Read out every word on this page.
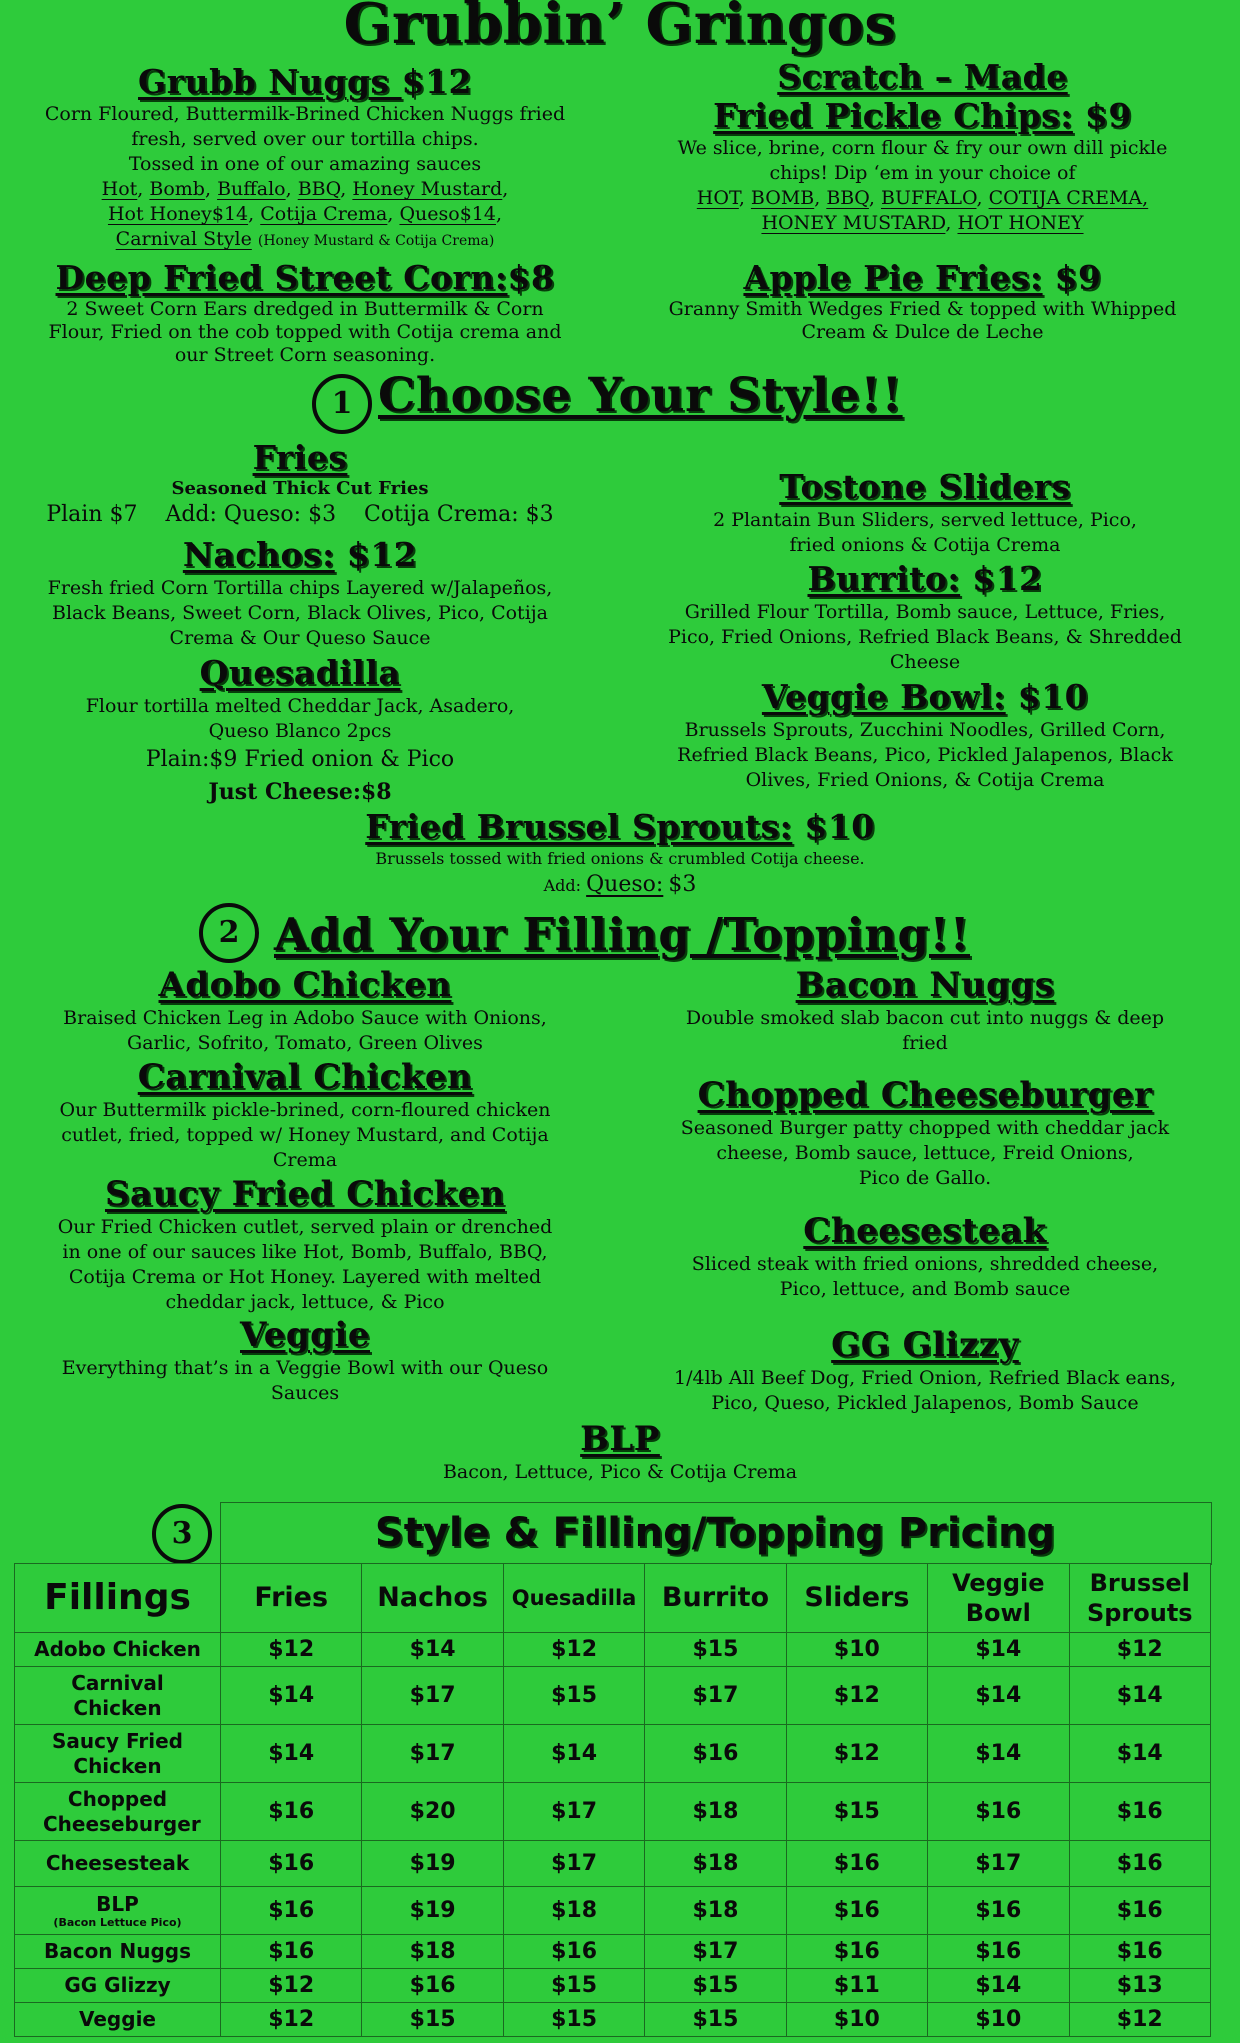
Grubbin’ Gringos
Grubb Nuggs $12
Corn Floured, Buttermilk-Brined Chicken Nuggs fried
fresh, served over our tortilla chips.
Tossed in one of our amazing sauces
Hot, Bomb, Buffalo, BBQ, Honey Mustard,
Hot Honey$14, Cotija Crema, Queso$14,
Carnival Style (Honey Mustard & Cotija Crema)
Deep Fried Street Corn:$8
2 Sweet Corn Ears dredged in Buttermilk & Corn
Flour, Fried on the cob topped with Cotija crema and
our Street Corn seasoning.
Scratch – Made
Fried Pickle Chips: $9
We slice, brine, corn flour & fry our own dill pickle
chips! Dip ‘em in your choice of
HOT, BOMB, BBQ, BUFFALO, COTIJA CREMA,
HONEY MUSTARD, HOT HONEY
Apple Pie Fries: $9
Granny Smith Wedges Fried & topped with Whipped
Cream & Dulce de Leche
1 Choose Your Style!!
Fries
Seasoned Thick Cut Fries
Plain $7    Add: Queso: $3    Cotija Crema: $3
Nachos: $12
Fresh fried Corn Tortilla chips Layered w/Jalapeños,
Black Beans, Sweet Corn, Black Olives, Pico, Cotija
Crema & Our Queso Sauce
Quesadilla
Flour tortilla melted Cheddar Jack, Asadero,
Queso Blanco 2pcs
Plain:$9 Fried onion & Pico
Just Cheese:$8
Tostone Sliders
2 Plantain Bun Sliders, served lettuce, Pico,
fried onions & Cotija Crema
Burrito: $12
Grilled Flour Tortilla, Bomb sauce, Lettuce, Fries,
Pico, Fried Onions, Refried Black Beans, & Shredded
Cheese
Veggie Bowl: $10
Brussels Sprouts, Zucchini Noodles, Grilled Corn,
Refried Black Beans, Pico, Pickled Jalapenos, Black
Olives, Fried Onions, & Cotija Crema
Fried Brussel Sprouts: $10
Brussels tossed with fried onions & crumbled Cotija cheese.
Add: Queso: $3
2 Add Your Filling /Topping!!
Adobo Chicken
Braised Chicken Leg in Adobo Sauce with Onions,
Garlic, Sofrito, Tomato, Green Olives
Carnival Chicken
Our Buttermilk pickle-brined, corn-floured chicken
cutlet, fried, topped w/ Honey Mustard, and Cotija
Crema
Saucy Fried Chicken
Our Fried Chicken cutlet, served plain or drenched
in one of our sauces like Hot, Bomb, Buffalo, BBQ,
Cotija Crema or Hot Honey. Layered with melted
cheddar jack, lettuce, & Pico
Veggie
Everything that’s in a Veggie Bowl with our Queso
Sauces
Bacon Nuggs
Double smoked slab bacon cut into nuggs & deep
fried
Chopped Cheeseburger
Seasoned Burger patty chopped with cheddar jack
cheese, Bomb sauce, lettuce, Freid Onions,
Pico de Gallo.
Cheesesteak
Sliced steak with fried onions, shredded cheese,
Pico, lettuce, and Bomb sauce
GG Glizzy
1/4lb All Beef Dog, Fried Onion, Refried Black eans,
Pico, Queso, Pickled Jalapenos, Bomb Sauce
BLP
Bacon, Lettuce, Pico & Cotija Crema
3	Style & Filling/Topping Pricing
Fillings	Fries	Nachos	Quesadilla	Burrito	Sliders	Veggie Bowl	Brussel Sprouts
Adobo Chicken	$12	$14	$12	$15	$10	$14	$12

Carnival Chicken	$14	$17	$15	$17	$12	$14	$14

Saucy Fried Chicken	$14	$17	$14	$16	$12	$14	$14

Chopped Cheeseburger	$16	$20	$17	$18	$15	$16	$16
Cheesesteak	$16	$19	$17	$18	$16	$17	$16
BLP
(Bacon Lettuce Pico)	$16	$19	$18	$18	$16	$16	$16
Bacon Nuggs	$16	$18	$16	$17	$16	$16	$16
GG Glizzy	$12	$16	$15	$15	$11	$14	$13
Veggie	$12	$15	$15	$15	$10	$10	$12
